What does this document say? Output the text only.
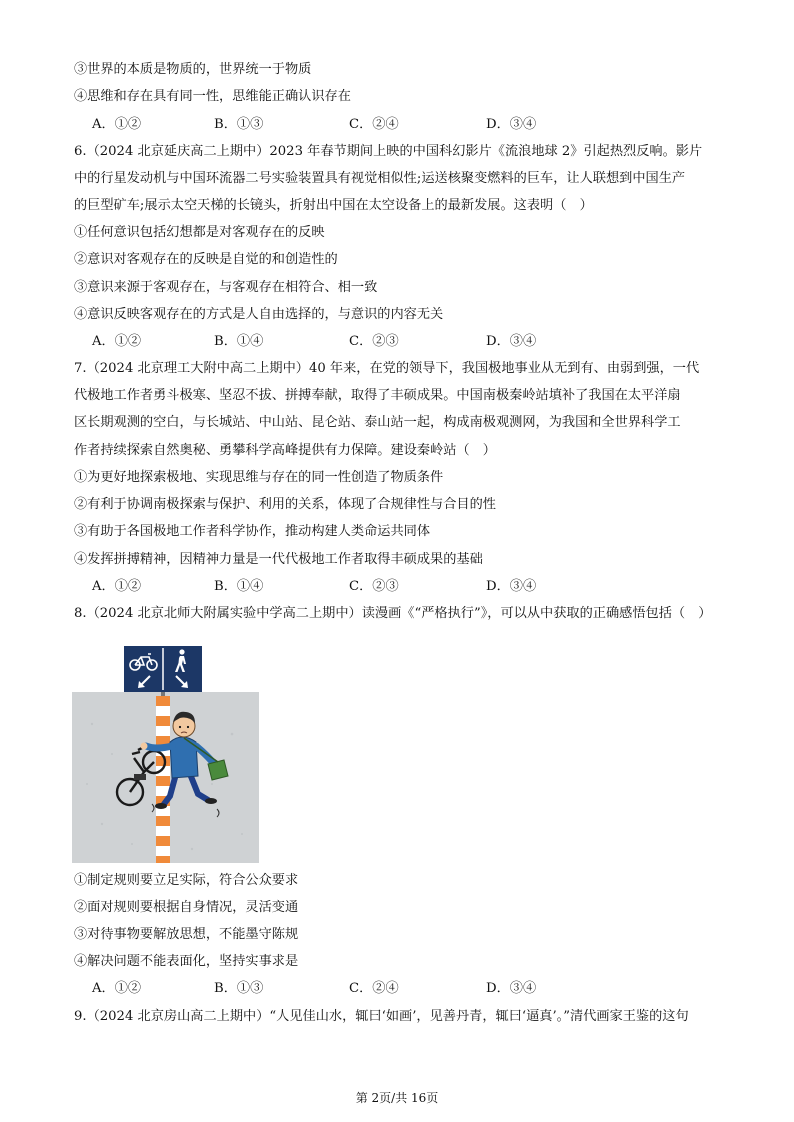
③世界的本质是物质的，世界统一于物质
④思维和存在具有同一性，思维能正确认识存在
A．①②	B．①③	C．②④	D．③④
6.（2024 北京延庆高二上期中）2023 年春节期间上映的中国科幻影片《流浪地球 2》引起热烈反响。影片
中的行星发动机与中国环流器二号实验装置具有视觉相似性;运送核聚变燃料的巨车，让人联想到中国生产
的巨型矿车;展示太空天梯的长镜头，折射出中国在太空设备上的最新发展。这表明（　）
①任何意识包括幻想都是对客观存在的反映
②意识对客观存在的反映是自觉的和创造性的
③意识来源于客观存在，与客观存在相符合、相一致
④意识反映客观存在的方式是人自由选择的，与意识的内容无关
A．①②	B．①④	C．②③	D．③④
7.（2024 北京理工大附中高二上期中）40 年来，在党的领导下，我国极地事业从无到有、由弱到强，一代
代极地工作者勇斗极寒、坚忍不拔、拼搏奉献，取得了丰硕成果。中国南极秦岭站填补了我国在太平洋扇
区长期观测的空白，与长城站、中山站、昆仑站、泰山站一起，构成南极观测网，为我国和全世界科学工
作者持续探索自然奥秘、勇攀科学高峰提供有力保障。建设秦岭站（　）
①为更好地探索极地、实现思维与存在的同一性创造了物质条件
②有利于协调南极探索与保护、利用的关系，体现了合规律性与合目的性
③有助于各国极地工作者科学协作，推动构建人类命运共同体
④发挥拼搏精神，因精神力量是一代代极地工作者取得丰硕成果的基础
A．①②	B．①④	C．②③	D．③④
8.（2024 北京北师大附属实验中学高二上期中）读漫画《“严格执行”》，可以从中获取的正确感悟包括（　）
①制定规则要立足实际，符合公众要求
②面对规则要根据自身情况，灵活变通
③对待事物要解放思想，不能墨守陈规
④解决问题不能表面化，坚持实事求是
A．①②	B．①③	C．②④	D．③④
9.（2024 北京房山高二上期中）“人见佳山水，辄曰‘如画’，见善丹青，辄曰‘逼真’。”清代画家王鉴的这句
第 2页/共 16页
